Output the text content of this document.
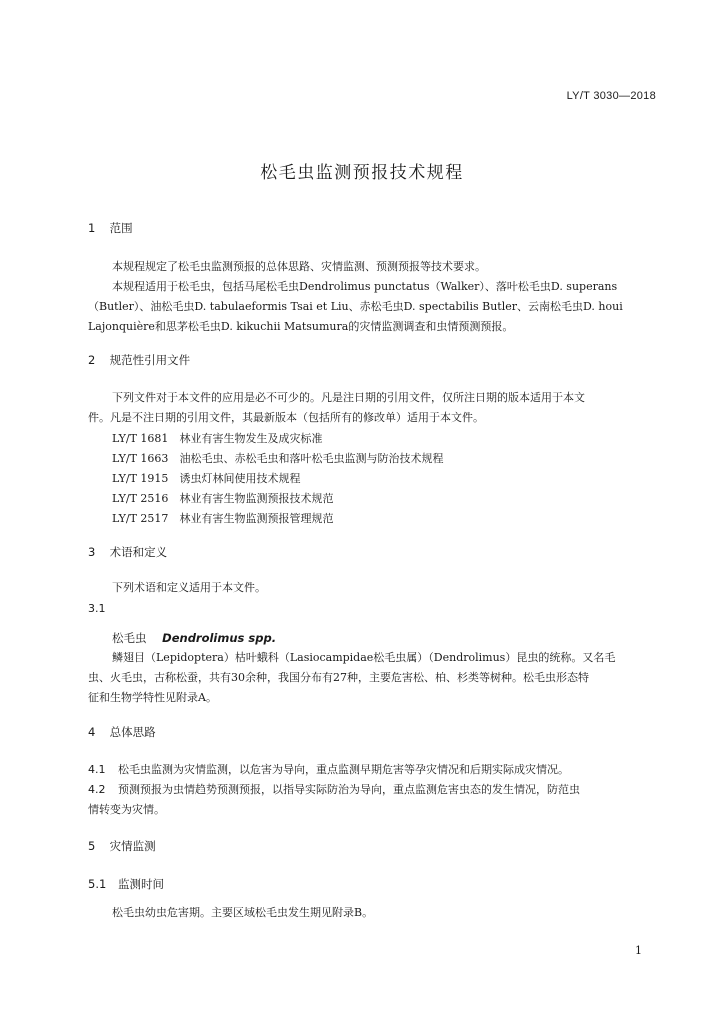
LY/T 3030—2018
松毛虫监测预报技术规程
1 范围
本规程规定了松毛虫监测预报的总体思路、灾情监测、预测预报等技术要求。
本规程适用于松毛虫，包括马尾松毛虫Dendrolimus punctatus（Walker）、落叶松毛虫D. superans
（Butler）、油松毛虫D. tabulaeformis Tsai et Liu、赤松毛虫D. spectabilis Butler、云南松毛虫D. houi
Lajonquière和思茅松毛虫D. kikuchii Matsumura的灾情监测调查和虫情预测预报。
2 规范性引用文件
下列文件对于本文件的应用是必不可少的。凡是注日期的引用文件，仅所注日期的版本适用于本文
件。凡是不注日期的引用文件，其最新版本（包括所有的修改单）适用于本文件。
LY/T 1681 林业有害生物发生及成灾标准
LY/T 1663 油松毛虫、赤松毛虫和落叶松毛虫监测与防治技术规程
LY/T 1915 诱虫灯林间使用技术规程
LY/T 2516 林业有害生物监测预报技术规范
LY/T 2517 林业有害生物监测预报管理规范
3 术语和定义
下列术语和定义适用于本文件。
3.1
松毛虫 Dendrolimus spp.
鳞翅目（Lepidoptera）枯叶蛾科（Lasiocampidae松毛虫属）（Dendrolimus）昆虫的统称。又名毛
虫、火毛虫，古称松蚕，共有30余种，我国分布有27种，主要危害松、柏、杉类等树种。松毛虫形态特
征和生物学特性见附录A。
4 总体思路
4.1 松毛虫监测为灾情监测，以危害为导向，重点监测早期危害等孕灾情况和后期实际成灾情况。
4.2 预测预报为虫情趋势预测预报，以指导实际防治为导向，重点监测危害虫态的发生情况，防范虫
情转变为灾情。
5 灾情监测
5.1 监测时间
松毛虫幼虫危害期。主要区域松毛虫发生期见附录B。
1
